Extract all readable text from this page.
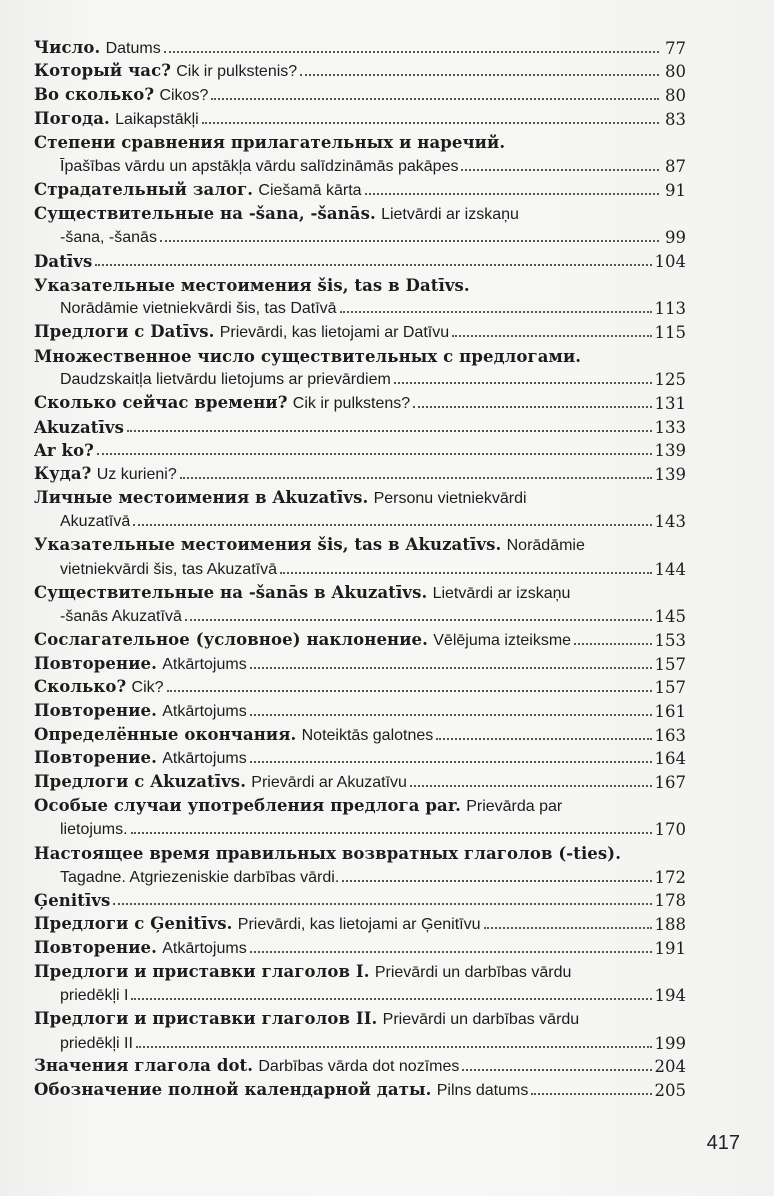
Число. Datums	77
Который час? Cik ir pulkstenis?	80
Во сколько? Cikos?	80
Погода. Laikapstākļi	83
Степени сравнения прилагательных и наречий.
Īpašības vārdu un apstākļa vārdu salīdzināmās pakāpes	87
Страдательный залог. Ciešamā kārta	91
Существительные на -šana, -šanās. Lietvārdi ar izskaņu
-šana, -šanās	99
Datīvs	104
Указательные местоимения šis, tas в Datīvs.
Norādāmie vietniekvārdi šis, tas Datīvā	113
Предлоги с Datīvs. Prievārdi, kas lietojami ar Datīvu	115
Множественное число существительных с предлогами.
Daudzskaitļa lietvārdu lietojums ar prievārdiem	125
Сколько сейчас времени? Cik ir pulkstens?	131
Akuzatīvs	133
Ar ko?	139
Куда? Uz kurieni?	139
Личные местоимения в Akuzatīvs. Personu vietniekvārdi
Akuzatīvā	143
Указательные местоимения šis, tas в Akuzatīvs. Norādāmie
vietniekvārdi šis, tas Akuzatīvā	144
Существительные на -šanās в Akuzatīvs. Lietvārdi ar izskaņu
-šanās Akuzatīvā	145
Сослагательное (условное) наклонение. Vēlējuma izteiksme	153
Повторение. Atkārtojums	157
Сколько? Cik?	157
Повторение. Atkārtojums	161
Определённые окончания. Noteiktās galotnes	163
Повторение. Atkārtojums	164
Предлоги с Akuzatīvs. Prievārdi ar Akuzatīvu	167
Особые случаи употребления предлога par. Prievārda par
lietojums.	170
Настоящее время правильных возвратных глаголов (-ties).
Tagadne. Atgriezeniskie darbības vārdi.	172
Ģenitīvs	178
Предлоги с Ģenitīvs. Prievārdi, kas lietojami ar Ģenitīvu	188
Повторение. Atkārtojums	191
Предлоги и приставки глаголов I. Prievārdi un darbības vārdu
priedēkļi I	194
Предлоги и приставки глаголов II. Prievārdi un darbības vārdu
priedēkļi II	199
Значения глагола dot. Darbības vārda dot nozīmes	204
Обозначение полной календарной даты. Pilns datums	205
417
